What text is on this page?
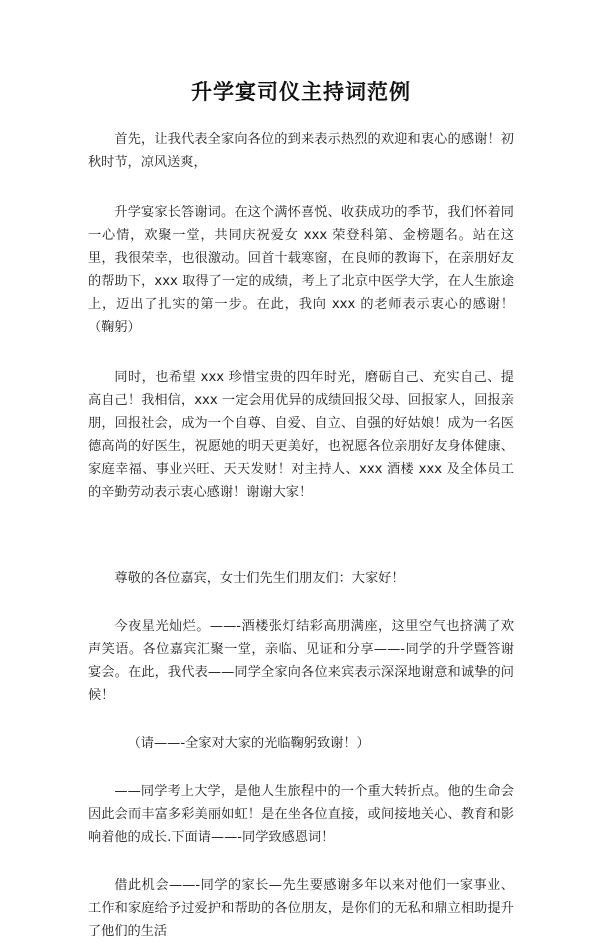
升学宴司仪主持词范例

首先，让我代表全家向各位的到来表示热烈的欢迎和衷心的感谢！初秋时节，凉风送爽，

升学宴家长答谢词。在这个满怀喜悦、收获成功的季节，我们怀着同一心情，欢聚一堂，共同庆祝爱女 xxx 荣登科第、金榜题名。站在这里，我很荣幸，也很激动。回首十载寒窗，在良师的教诲下，在亲朋好友的帮助下，xxx 取得了一定的成绩，考上了北京中医学大学，在人生旅途上，迈出了扎实的第一步。在此，我向 xxx 的老师表示衷心的感谢！（鞠躬）

同时，也希望 xxx 珍惜宝贵的四年时光，磨砺自己、充实自己、提高自己！我相信，xxx 一定会用优异的成绩回报父母、回报家人，回报亲朋，回报社会，成为一个自尊、自爱、自立、自强的好姑娘！成为一名医德高尚的好医生，祝愿她的明天更美好，也祝愿各位亲朋好友身体健康、家庭幸福、事业兴旺、天天发财！对主持人、xxx 酒楼 xxx 及全体员工的辛勤劳动表示衷心感谢！谢谢大家！

尊敬的各位嘉宾，女士们先生们朋友们：大家好！

今夜星光灿烂。——-酒楼张灯结彩高朋满座，这里空气也挤满了欢声笑语。各位嘉宾汇聚一堂，亲临、见证和分享——-同学的升学暨答谢宴会。在此，我代表——同学全家向各位来宾表示深深地谢意和诚挚的问候！

（请——-全家对大家的光临鞠躬致谢！）

——同学考上大学，是他人生旅程中的一个重大转折点。他的生命会因此会而丰富多彩美丽如虹！是在坐各位直接，或间接地关心、教育和影响着他的成长.下面请——-同学致感恩词！

借此机会——-同学的家长—先生要感谢多年以来对他们一家事业、工作和家庭给予过爱护和帮助的各位朋友，是你们的无私和鼎立相助提升了他们的生活
